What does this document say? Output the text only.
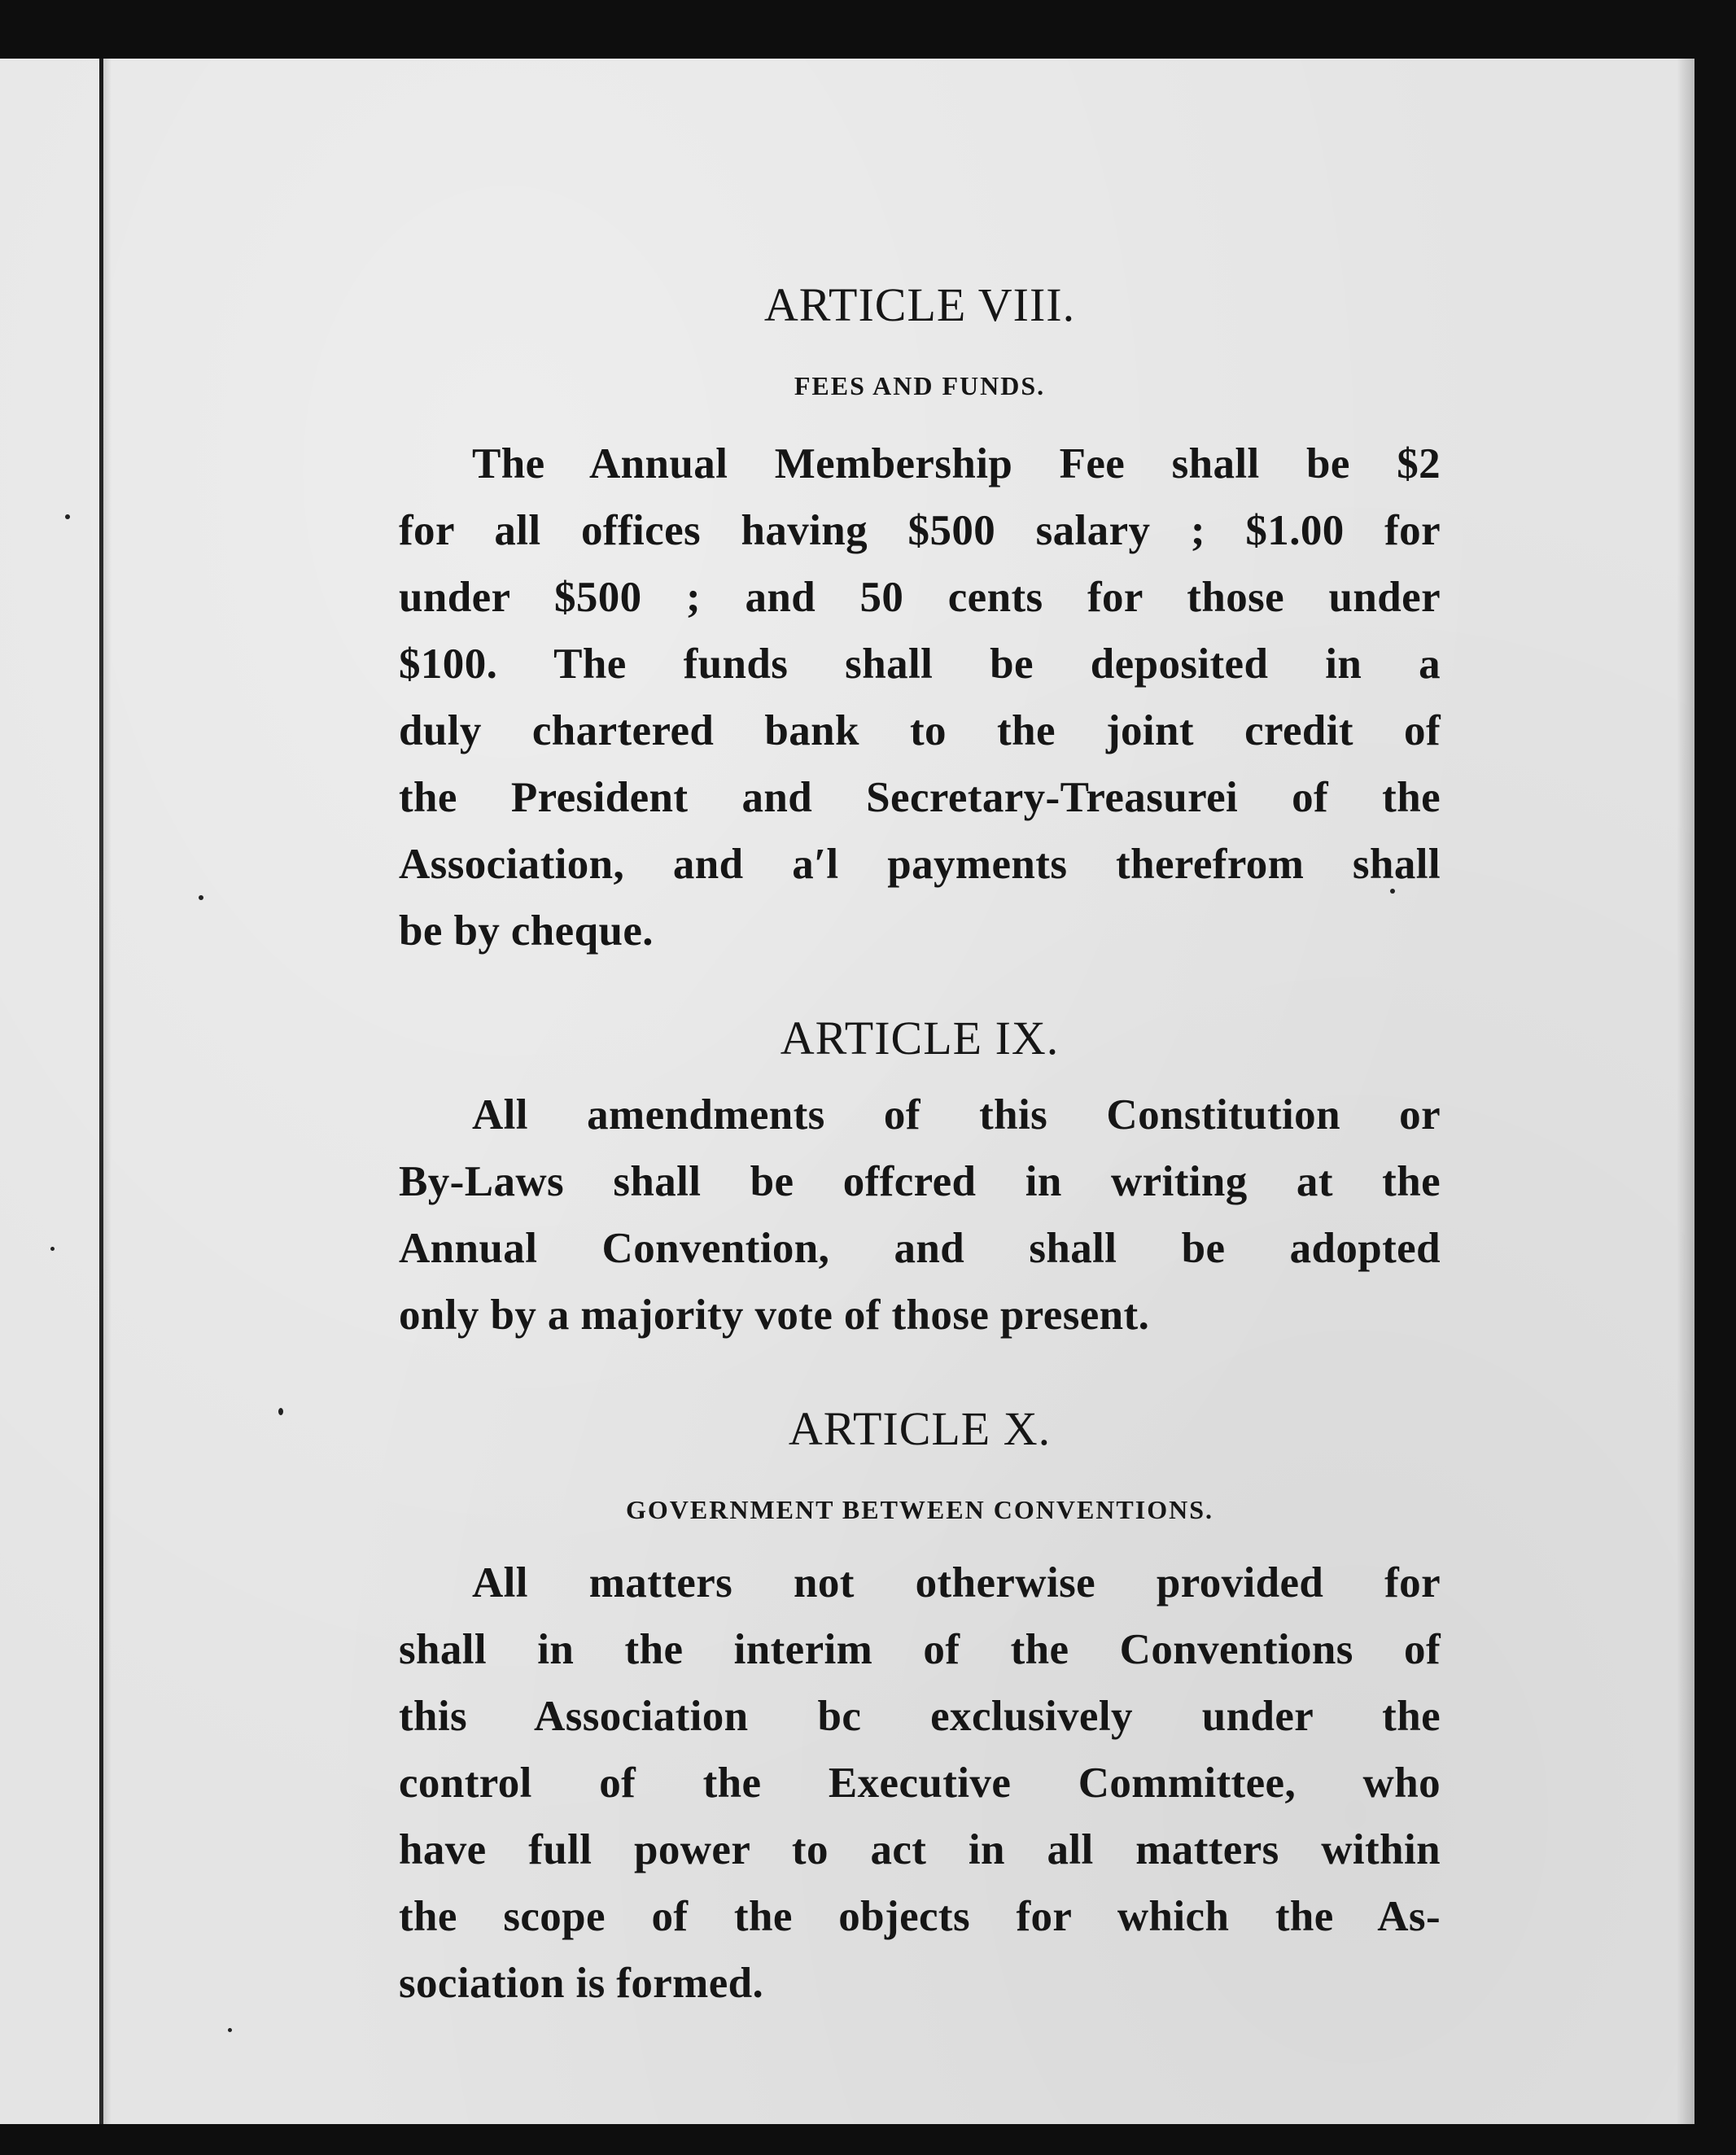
ARTICLE VIII.
FEES AND FUNDS.

The Annual Membership Fee shall be $2
for all offices having $500 salary ; $1.00 for
under $500 ; and 50 cents for those under
$100. The funds shall be deposited in a
duly chartered bank to the joint credit of
the President and Secretary-Treasurei of the
Association, and aʹl payments therefrom shall
be by cheque.

ARTICLE IX.

All amendments of this Constitution or
By-Laws shall be offcred in writing at the
Annual Convention, and shall be adopted
only by a majority vote of those present.

ARTICLE X.
GOVERNMENT BETWEEN CONVENTIONS.

All matters not otherwise provided for
shall in the interim of the Conventions of
this Association bc exclusively under the
control of the Executive Committee, who
have full power to act in all matters within
the scope of the objects for which the As-
sociation is formed.
